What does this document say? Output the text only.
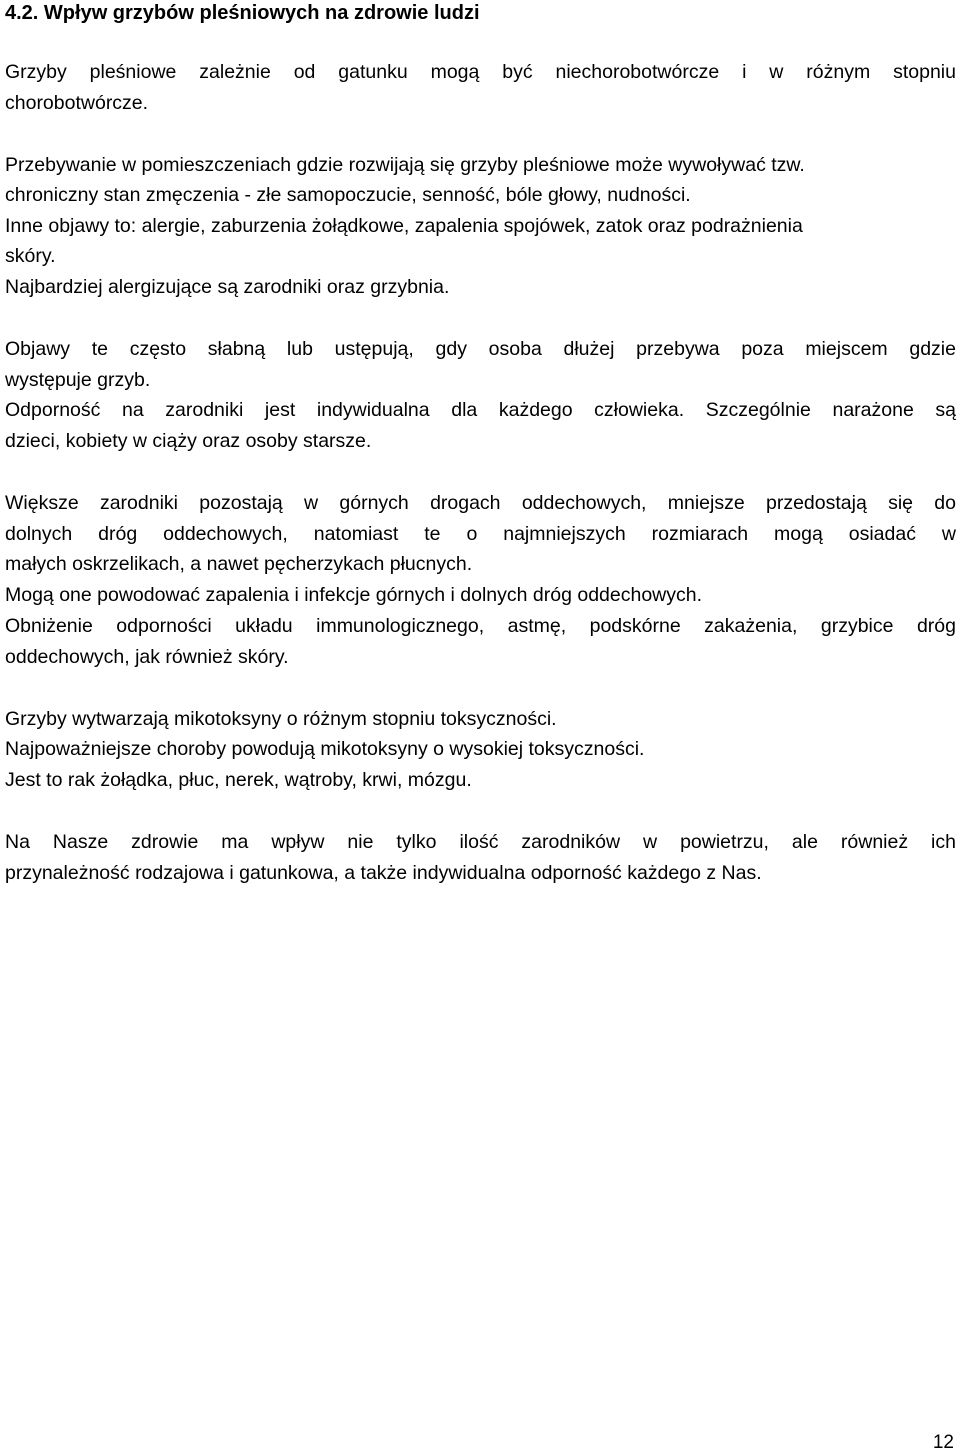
4.2. Wpływ grzybów pleśniowych na zdrowie ludzi
Grzyby pleśniowe zależnie od gatunku mogą być niechorobotwórcze i w różnym stopniu
chorobotwórcze.
Przebywanie w pomieszczeniach gdzie rozwijają się grzyby pleśniowe może wywoływać tzw.
chroniczny stan zmęczenia - złe samopoczucie, senność, bóle głowy, nudności.
Inne objawy to: alergie, zaburzenia żołądkowe, zapalenia spojówek, zatok oraz podrażnienia
skóry.
Najbardziej alergizujące są zarodniki oraz grzybnia.
Objawy te często słabną lub ustępują, gdy osoba dłużej przebywa poza miejscem gdzie
występuje grzyb.
Odporność na zarodniki jest indywidualna dla każdego człowieka. Szczególnie narażone są
dzieci, kobiety w ciąży oraz osoby starsze.
Większe zarodniki pozostają w górnych drogach oddechowych, mniejsze przedostają się do
dolnych dróg oddechowych, natomiast te o najmniejszych rozmiarach mogą osiadać w
małych oskrzelikach, a nawet pęcherzykach płucnych.
Mogą one powodować zapalenia i infekcje górnych i dolnych dróg oddechowych.
Obniżenie odporności układu immunologicznego, astmę, podskórne zakażenia, grzybice dróg
oddechowych, jak również skóry.
Grzyby wytwarzają mikotoksyny o różnym stopniu toksyczności.
Najpoważniejsze choroby powodują mikotoksyny o wysokiej toksyczności.
Jest to rak żołądka, płuc, nerek, wątroby, krwi, mózgu.
Na Nasze zdrowie ma wpływ nie tylko ilość zarodników w powietrzu, ale również ich
przynależność rodzajowa i gatunkowa, a także indywidualna odporność każdego z Nas.
12
